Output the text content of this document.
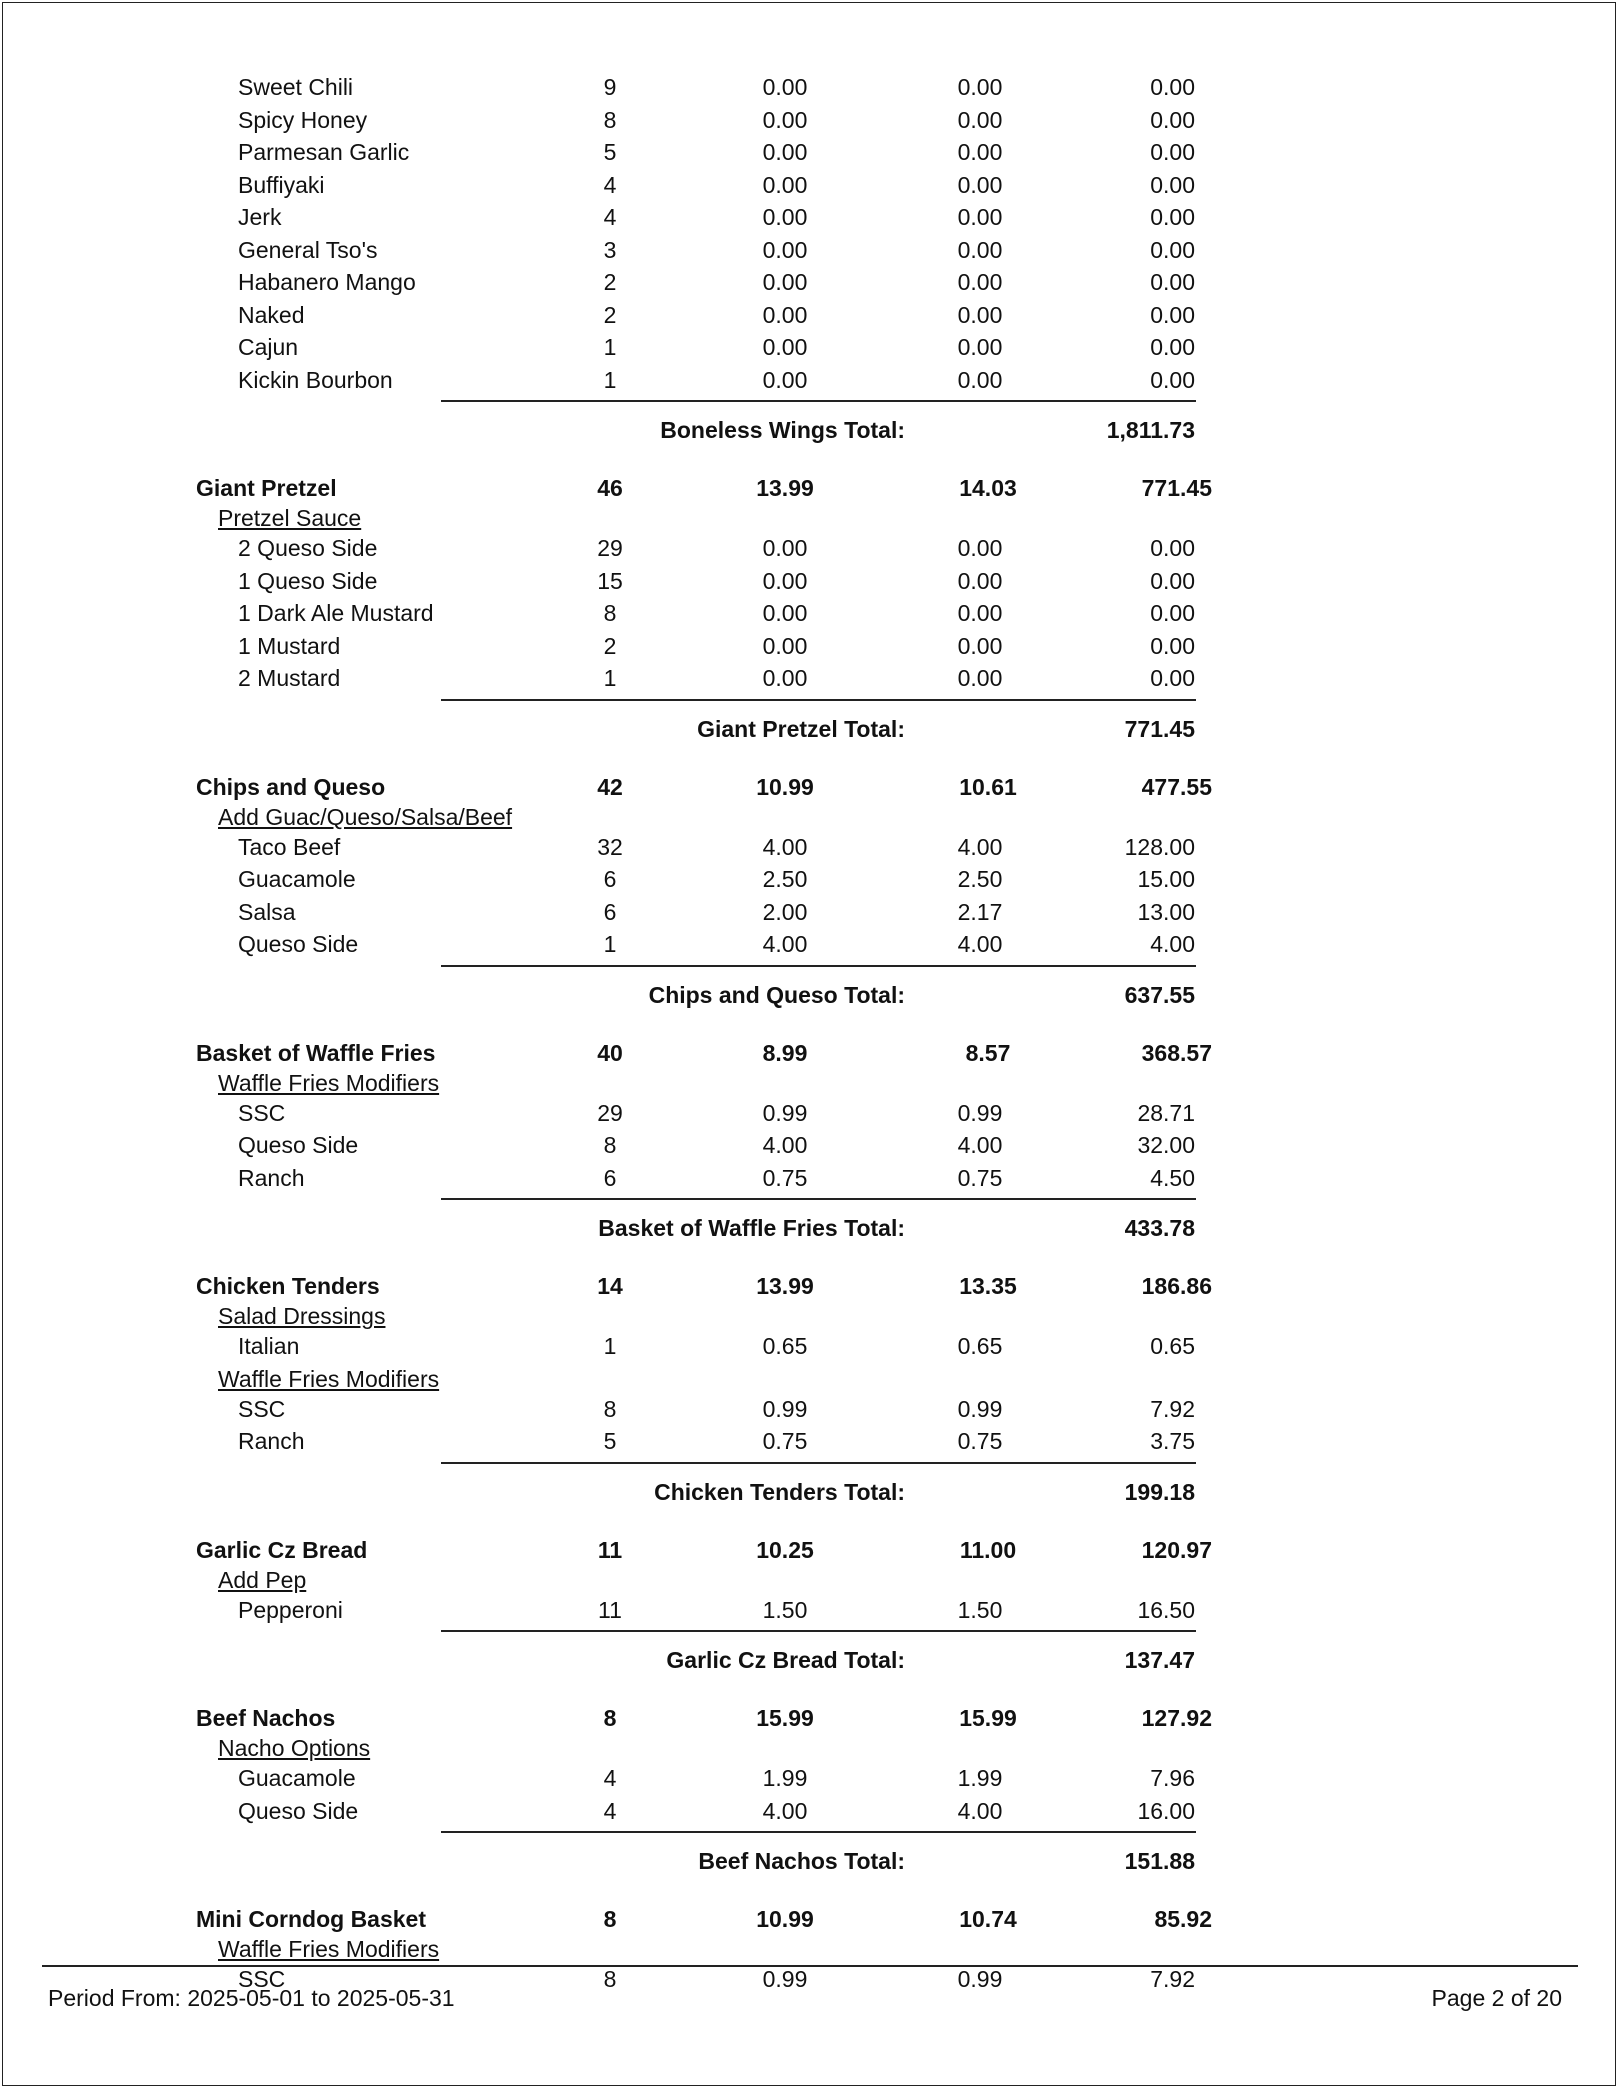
Sweet Chili	9	0.00	0.00	0.00
Spicy Honey	8	0.00	0.00	0.00
Parmesan Garlic	5	0.00	0.00	0.00
Buffiyaki	4	0.00	0.00	0.00
Jerk	4	0.00	0.00	0.00
General Tso's	3	0.00	0.00	0.00
Habanero Mango	2	0.00	0.00	0.00
Naked	2	0.00	0.00	0.00
Cajun	1	0.00	0.00	0.00
Kickin Bourbon	1	0.00	0.00	0.00
Boneless Wings Total:	1,811.73
Giant Pretzel	46	13.99	14.03	771.45
Pretzel Sauce
2 Queso Side	29	0.00	0.00	0.00
1 Queso Side	15	0.00	0.00	0.00
1 Dark Ale Mustard	8	0.00	0.00	0.00
1 Mustard	2	0.00	0.00	0.00
2 Mustard	1	0.00	0.00	0.00
Giant Pretzel Total:	771.45
Chips and Queso	42	10.99	10.61	477.55
Add Guac/Queso/Salsa/Beef
Taco Beef	32	4.00	4.00	128.00
Guacamole	6	2.50	2.50	15.00
Salsa	6	2.00	2.17	13.00
Queso Side	1	4.00	4.00	4.00
Chips and Queso Total:	637.55
Basket of Waffle Fries	40	8.99	8.57	368.57
Waffle Fries Modifiers
SSC	29	0.99	0.99	28.71
Queso Side	8	4.00	4.00	32.00
Ranch	6	0.75	0.75	4.50
Basket of Waffle Fries Total:	433.78
Chicken Tenders	14	13.99	13.35	186.86
Salad Dressings
Italian	1	0.65	0.65	0.65
Waffle Fries Modifiers
SSC	8	0.99	0.99	7.92
Ranch	5	0.75	0.75	3.75
Chicken Tenders Total:	199.18
Garlic Cz Bread	11	10.25	11.00	120.97
Add Pep
Pepperoni	11	1.50	1.50	16.50
Garlic Cz Bread Total:	137.47
Beef Nachos	8	15.99	15.99	127.92
Nacho Options
Guacamole	4	1.99	1.99	7.96
Queso Side	4	4.00	4.00	16.00
Beef Nachos Total:	151.88
Mini Corndog Basket	8	10.99	10.74	85.92
Waffle Fries Modifiers
SSC	8	0.99	0.99	7.92
Period From: 2025-05-01 to 2025-05-31	Page 2 of 20
